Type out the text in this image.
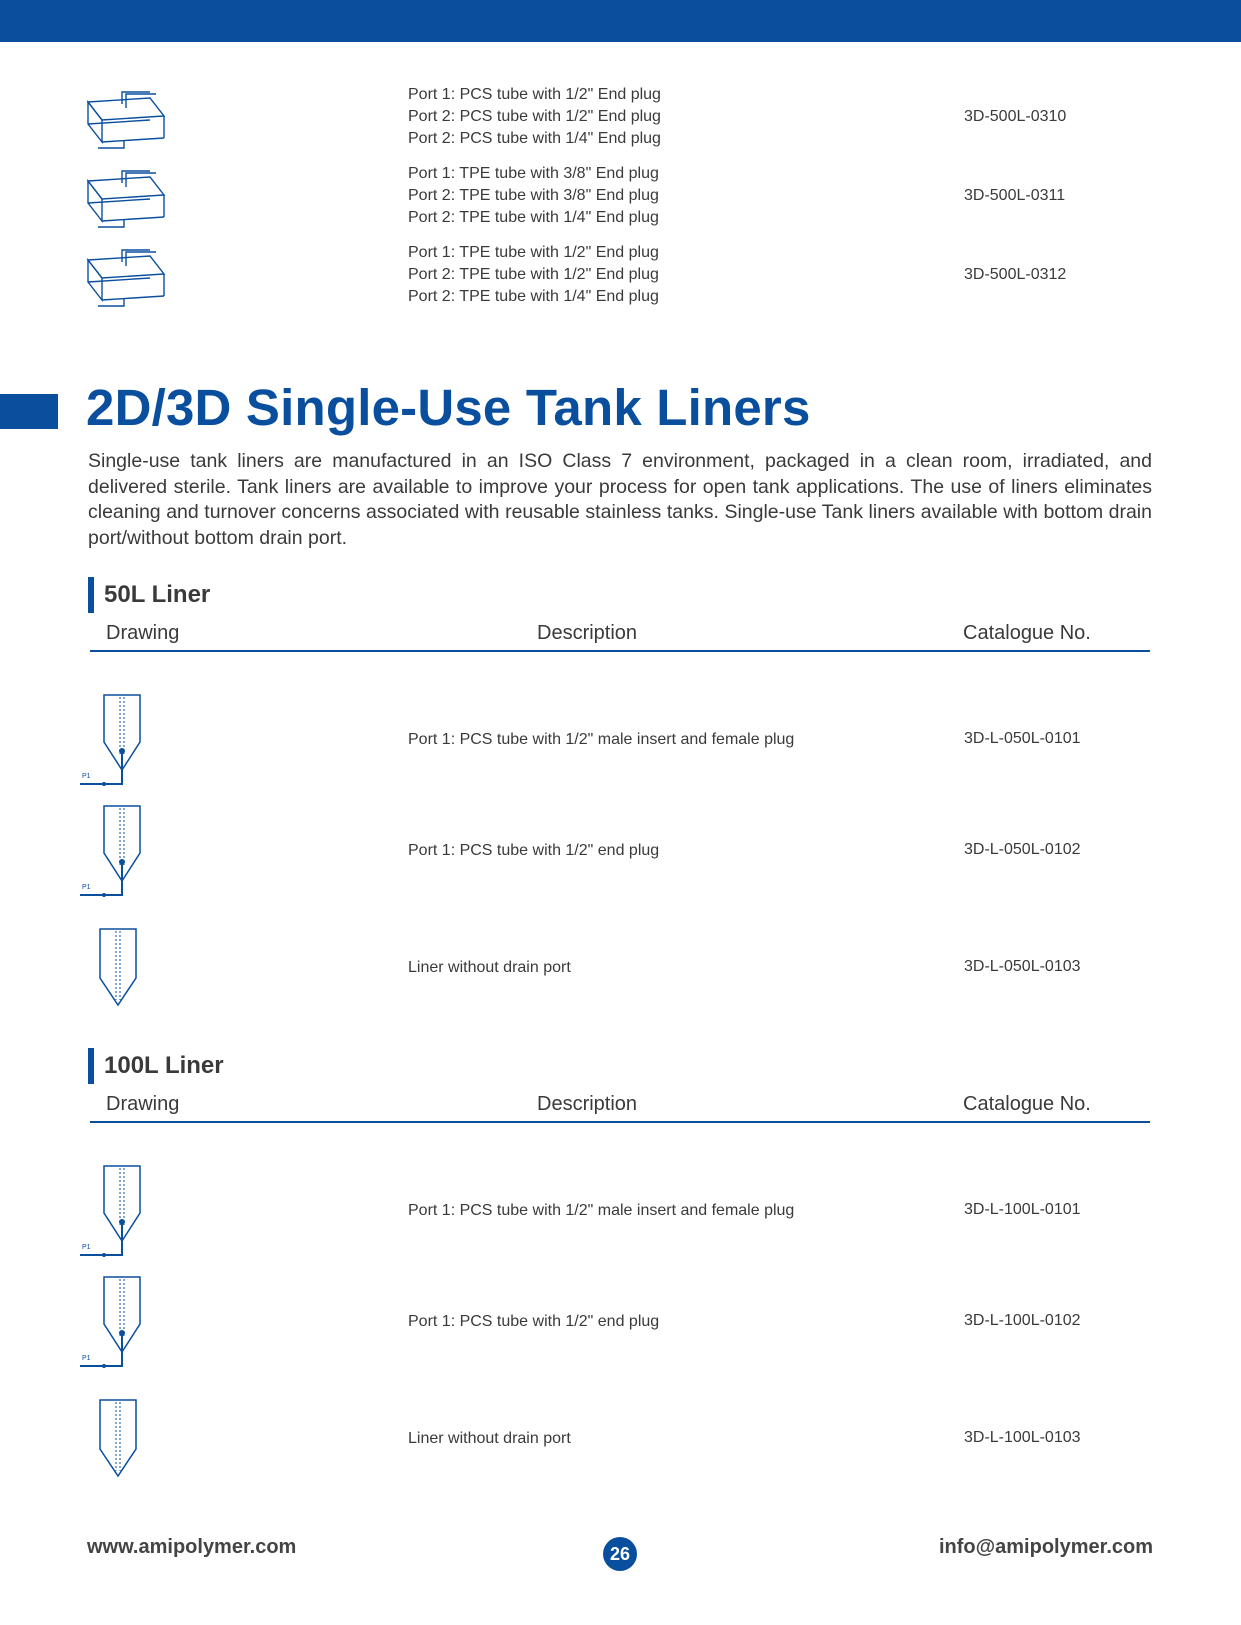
Port 1: PCS tube with 1/2" End plug
Port 2: PCS tube with 1/2" End plug
Port 2: PCS tube with 1/4" End plug
3D-500L-0310
Port 1: TPE tube with 3/8" End plug
Port 2: TPE tube with 3/8" End plug
Port 2: TPE tube with 1/4" End plug
3D-500L-0311
Port 1: TPE tube with 1/2" End plug
Port 2: TPE tube with 1/2" End plug
Port 2: TPE tube with 1/4" End plug
3D-500L-0312
2D/3D Single-Use Tank Liners
Single-use tank liners are manufactured in an ISO Class 7 environment, packaged in a clean room, irradiated, and delivered sterile. Tank liners are available to improve your process for open tank applications. The use of liners eliminates cleaning and turnover concerns associated with reusable stainless tanks. Single-use Tank liners available with bottom drain port/without bottom drain port.
50L Liner
Drawing	Description	Catalogue No.
P1
Port 1: PCS tube with 1/2" male insert and female plug	3D-L-050L-0101
P1
Port 1: PCS tube with 1/2" end plug	3D-L-050L-0102
Liner without drain port	3D-L-050L-0103
100L Liner
Drawing	Description	Catalogue No.
P1
Port 1: PCS tube with 1/2" male insert and female plug	3D-L-100L-0101
P1
Port 1: PCS tube with 1/2" end plug	3D-L-100L-0102
Liner without drain port	3D-L-100L-0103
www.amipolymer.com	26	info@amipolymer.com
